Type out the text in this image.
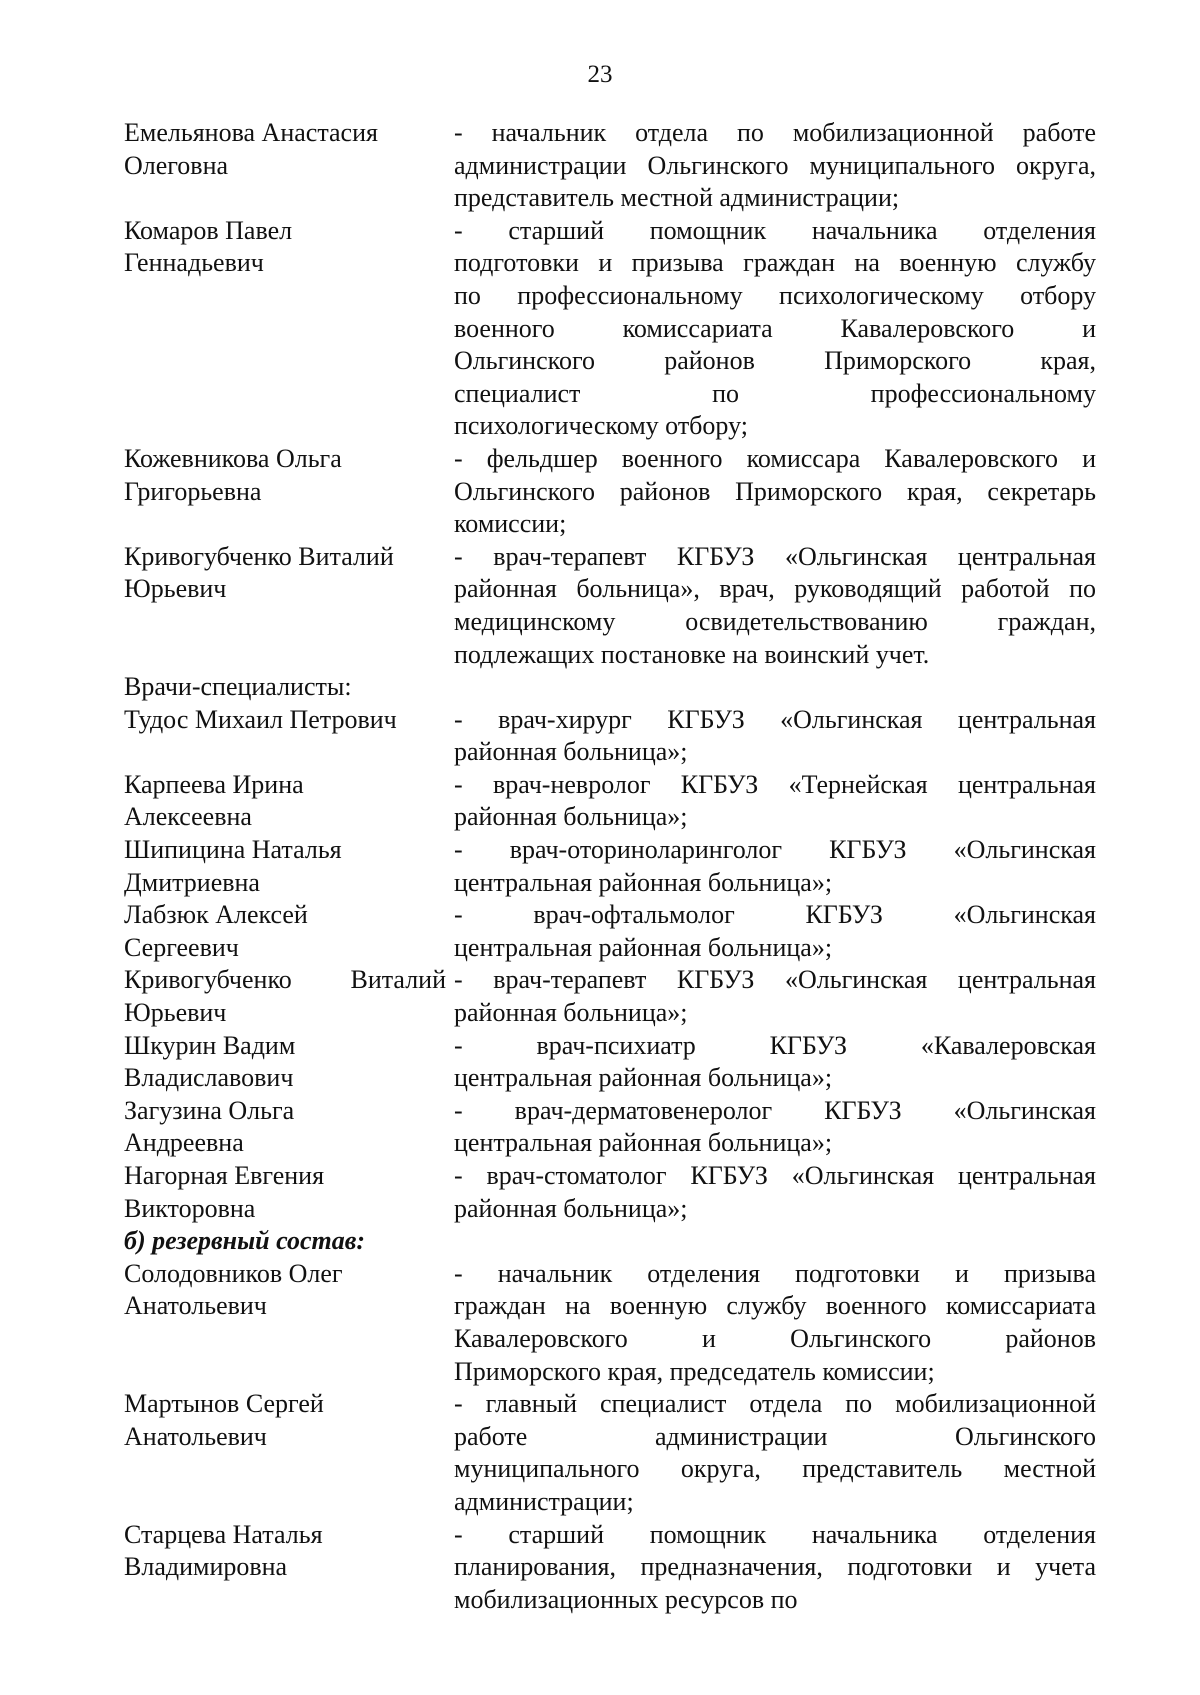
23
Емельянова Анастасия
Олеговна
- начальник отдела по мобилизационной работе
администрации Ольгинского муниципального округа,
представитель местной администрации;
Комаров Павел
Геннадьевич
- старший помощник начальника отделения
подготовки и призыва граждан на военную службу
по профессиональному психологическому отбору
военного комиссариата Кавалеровского и
Ольгинского районов Приморского края,
специалист по профессиональному
психологическому отбору;
Кожевникова Ольга
Григорьевна
- фельдшер военного комиссара Кавалеровского и
Ольгинского районов Приморского края, секретарь
комиссии;
Кривогубченко Виталий
Юрьевич
- врач-терапевт КГБУЗ «Ольгинская центральная
районная больница», врач, руководящий работой по
медицинскому освидетельствованию граждан,
подлежащих постановке на воинский учет.
Врачи-специалисты:
Тудос Михаил Петрович	- врач-хирург КГБУЗ «Ольгинская центральная
районная больница»;
Карпеева Ирина
Алексеевна
- врач-невролог КГБУЗ «Тернейская центральная
районная больница»;
Шипицина Наталья
Дмитриевна
- врач-оториноларинголог КГБУЗ «Ольгинская
центральная районная больница»;
Лабзюк Алексей
Сергеевич
- врач-офтальмолог КГБУЗ «Ольгинская
центральная районная больница»;
Кривогубченко Виталий
Юрьевич
- врач-терапевт КГБУЗ «Ольгинская центральная
районная больница»;
Шкурин Вадим
Владиславович
- врач-психиатр КГБУЗ «Кавалеровская
центральная районная больница»;
Загузина Ольга
Андреевна
- врач-дерматовенеролог КГБУЗ «Ольгинская
центральная районная больница»;
Нагорная Евгения
Викторовна
- врач-стоматолог КГБУЗ «Ольгинская центральная
районная больница»;
б) резервный состав:
Солодовников Олег
Анатольевич
- начальник отделения подготовки и призыва
граждан на военную службу военного комиссариата
Кавалеровского и Ольгинского районов
Приморского края, председатель комиссии;
Мартынов Сергей
Анатольевич
- главный специалист отдела по мобилизационной
работе администрации Ольгинского
муниципального округа, представитель местной
администрации;
Старцева Наталья
Владимировна
- старший помощник начальника отделения
планирования, предназначения, подготовки и учета
мобилизационных ресурсов по
